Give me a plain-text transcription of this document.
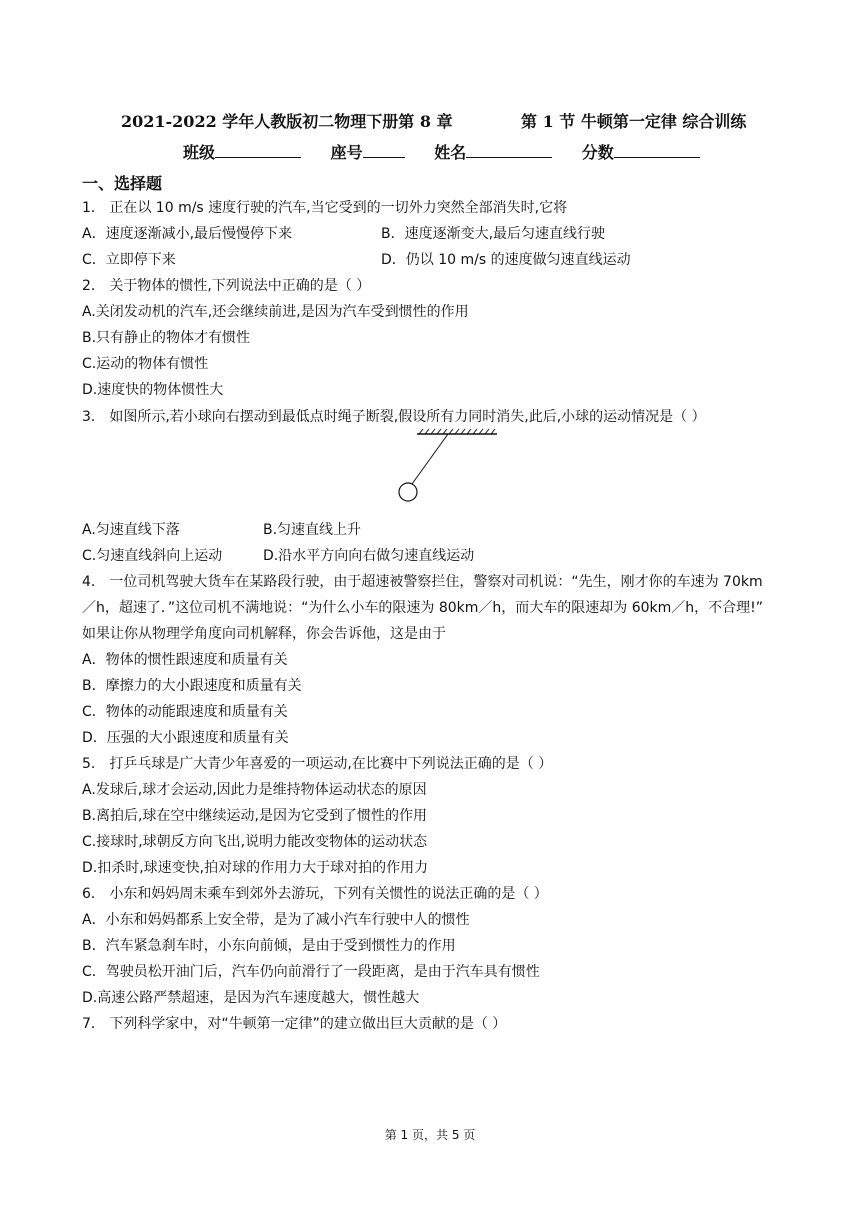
2021-2022 学年人教版初二物理下册第 8 章	第 1 节 牛顿第一定律 综合训练
班级	座号	姓名	分数
一、选择题
1． 正在以 10 m/s 速度行驶的汽车,当它受到的一切外力突然全部消失时,它将
A．速度逐渐减小,最后慢慢停下来	B．速度逐渐变大,最后匀速直线行驶
C．立即停下来	D．仍以 10 m/s 的速度做匀速直线运动
2． 关于物体的惯性,下列说法中正确的是（ ）
A.关闭发动机的汽车,还会继续前进,是因为汽车受到惯性的作用
B.只有静止的物体才有惯性
C.运动的物体有惯性
D.速度快的物体惯性大
3． 如图所示,若小球向右摆动到最低点时绳子断裂,假设所有力同时消失,此后,小球的运动情况是（ ）
A.匀速直线下落	B.匀速直线上升
C.匀速直线斜向上运动	D.沿水平方向向右做匀速直线运动
4． 一位司机驾驶大货车在某路段行驶，由于超速被警察拦住，警察对司机说：“先生，刚才你的车速为 70km
／h，超速了．”这位司机不满地说：“为什么小车的限速为 80km／h，而大车的限速却为 60km／h，不合理!”
如果让你从物理学角度向司机解释，你会告诉他，这是由于
A．物体的惯性跟速度和质量有关
B．摩擦力的大小跟速度和质量有关
C．物体的动能跟速度和质量有关
D．压强的大小跟速度和质量有关
5． 打乒乓球是广大青少年喜爱的一项运动,在比赛中下列说法正确的是（ ）
A.发球后,球才会运动,因此力是维持物体运动状态的原因
B.离拍后,球在空中继续运动,是因为它受到了惯性的作用
C.接球时,球朝反方向飞出,说明力能改变物体的运动状态
D.扣杀时,球速变快,拍对球的作用力大于球对拍的作用力
6． 小东和妈妈周末乘车到郊外去游玩，下列有关惯性的说法正确的是（ ）
A．小东和妈妈都系上安全带，是为了减小汽车行驶中人的惯性
B．汽车紧急刹车时，小东向前倾，是由于受到惯性力的作用
C．驾驶员松开油门后，汽车仍向前滑行了一段距离，是由于汽车具有惯性
D.高速公路严禁超速，是因为汽车速度越大，惯性越大
7． 下列科学家中，对“牛顿第一定律”的建立做出巨大贡献的是（ ）
第 1 页，共 5 页
